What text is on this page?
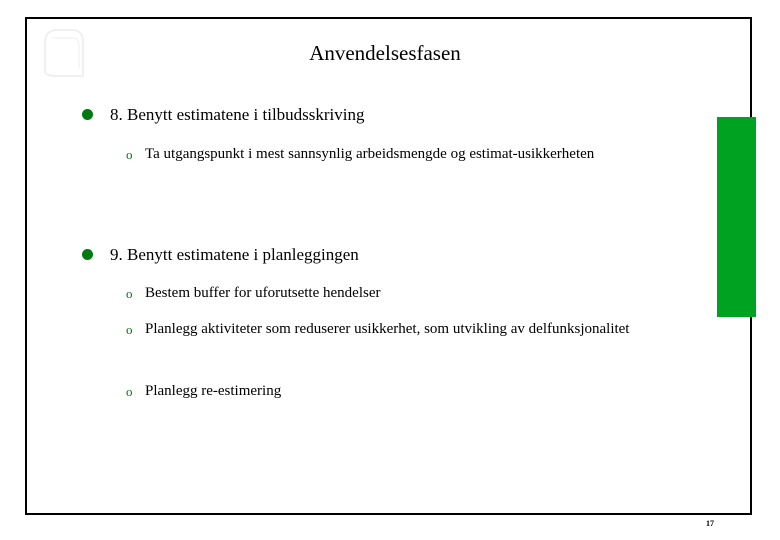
Anvendelsesfasen
8. Benytt estimatene i tilbudsskriving
o Ta utgangspunkt i mest sannsynlig arbeidsmengde og estimat-usikkerheten
9. Benytt estimatene i planleggingen
o Bestem buffer for uforutsette hendelser
o Planlegg aktiviteter som reduserer usikkerhet, som utvikling av delfunksjonalitet
o Planlegg re-estimering
17
